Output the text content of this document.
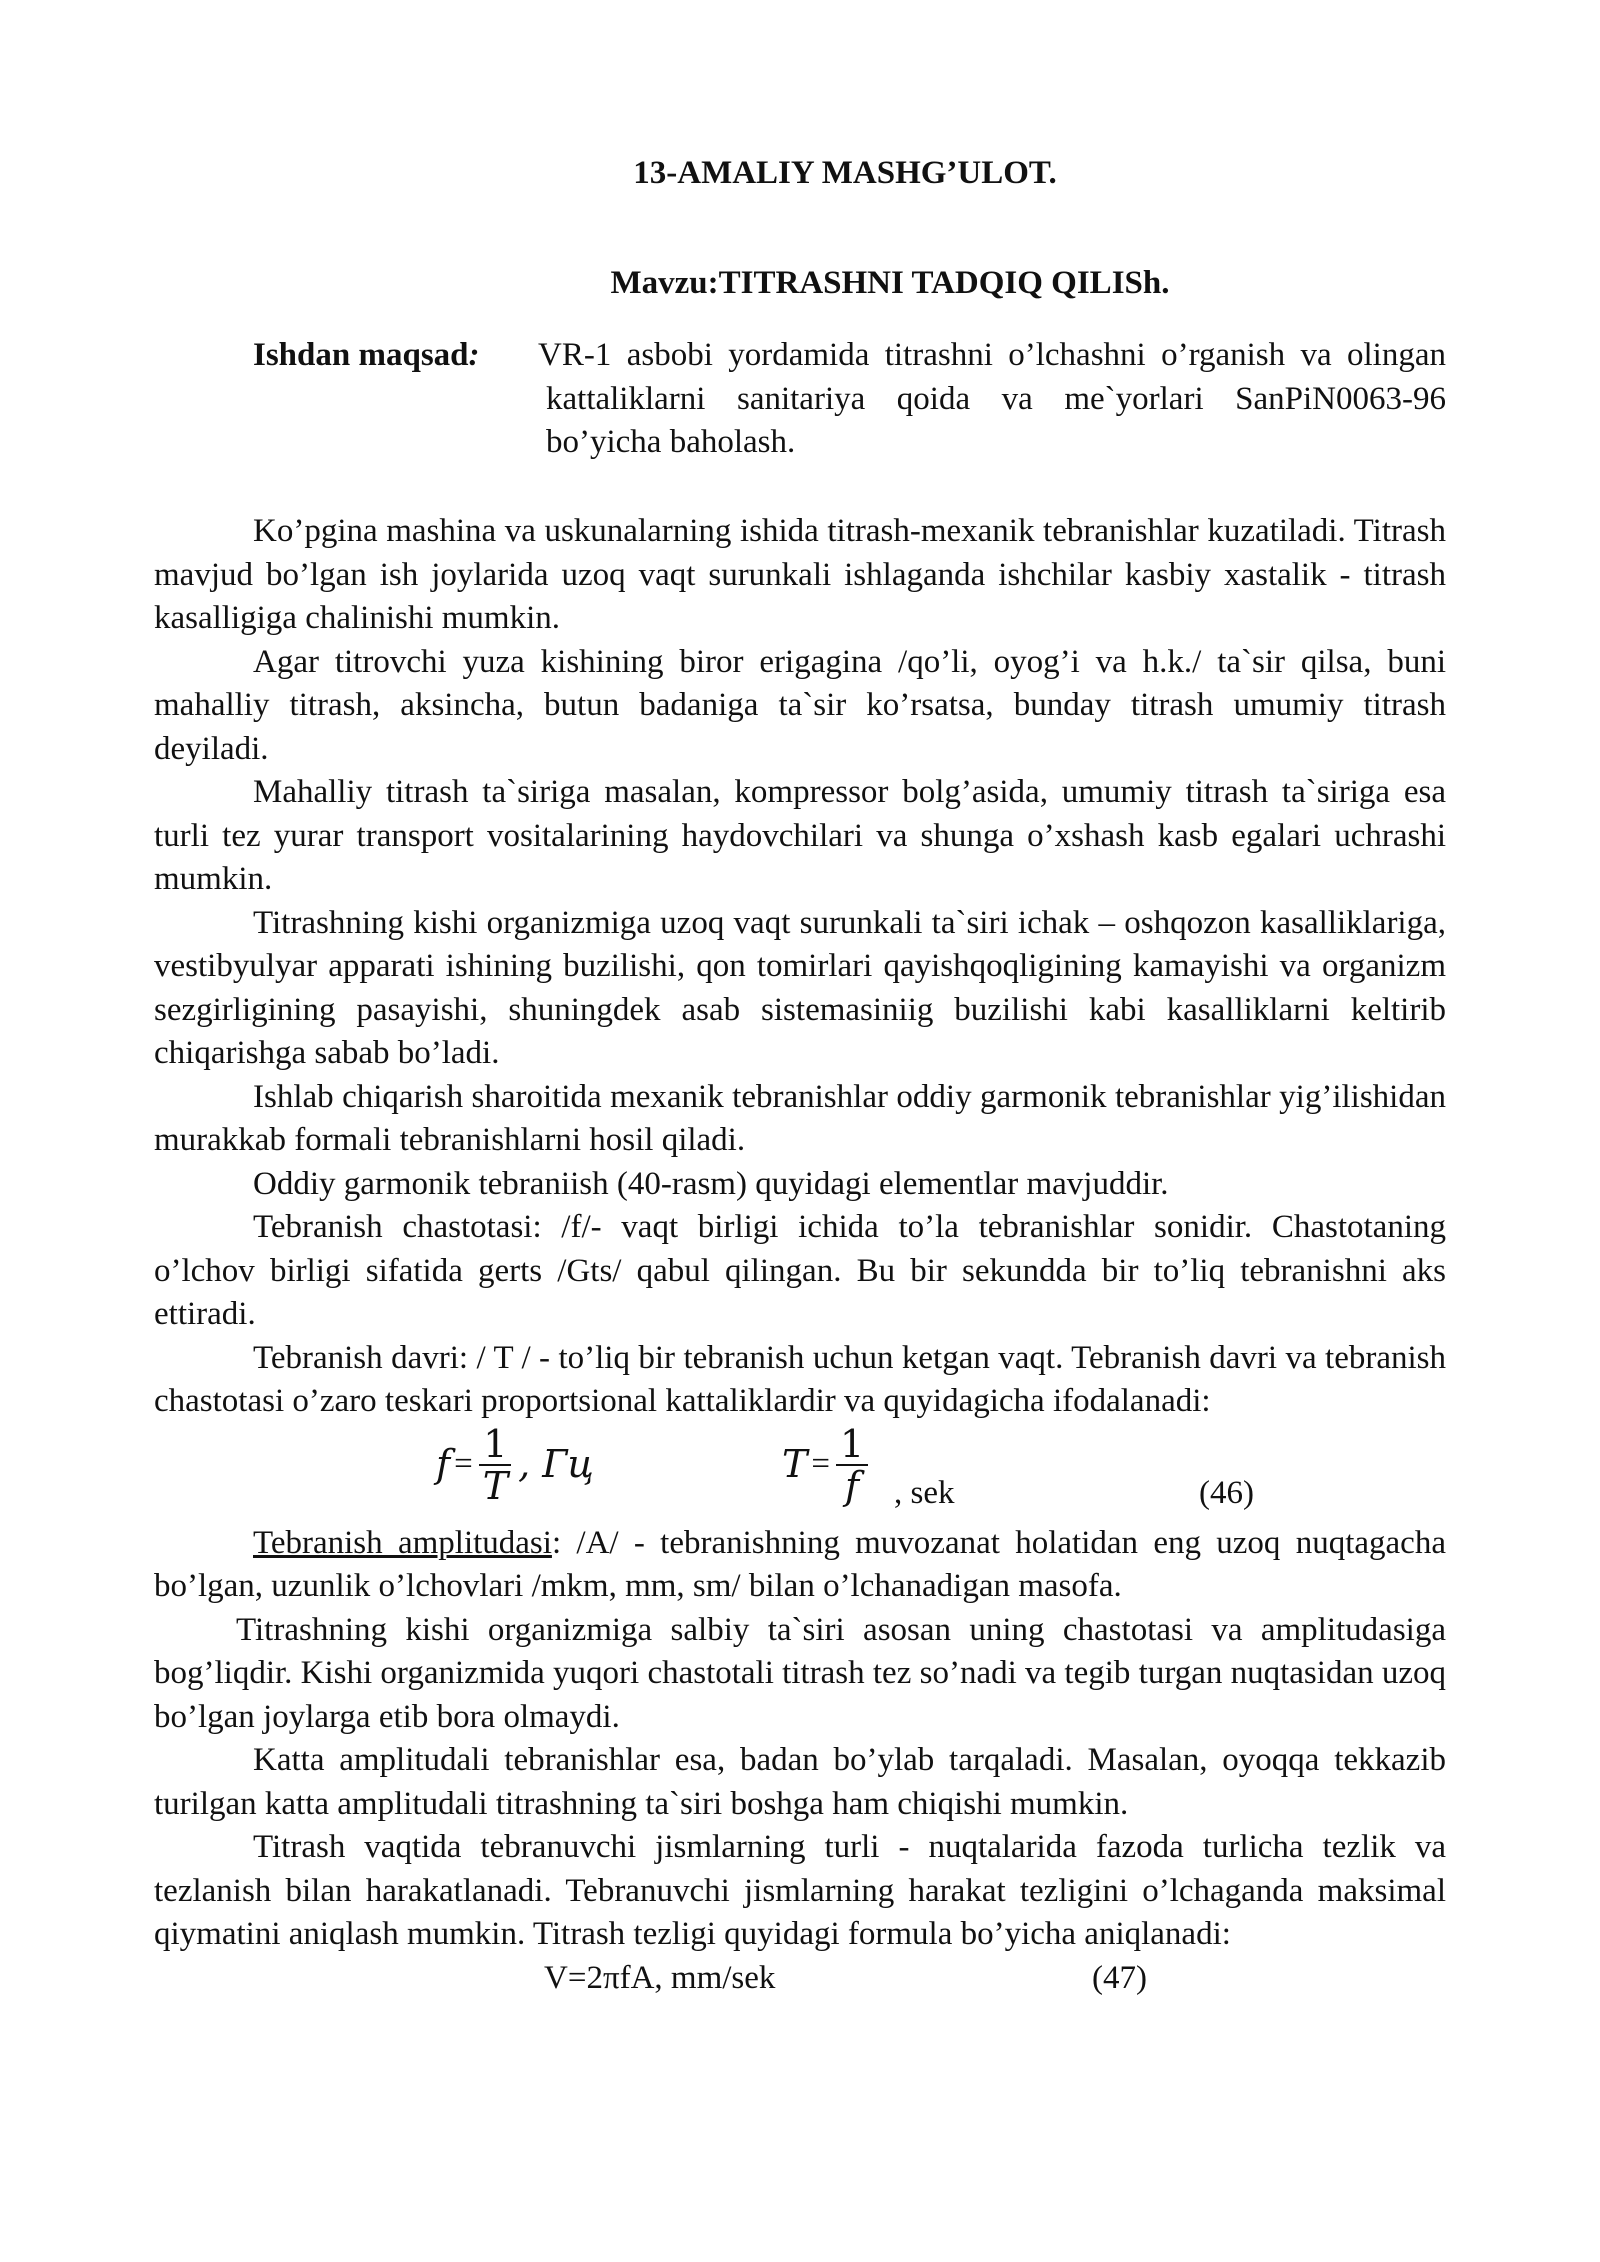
13-AMALIY MASHG’ULOT.

Mavzu:TITRASHNI TADQIQ QILISh.

Ishdan maqsad: VR-1 asbobi yordamida titrashni o’lchashni o’rganish va olingan kattaliklarni sanitariya qoida va me`yorlari SanPiN0063-96 bo’yicha baholash.

Ko’pgina mashina va uskunalarning ishida titrash-mexanik tebranishlar kuzatiladi. Titrash mavjud bo’lgan ish joylarida uzoq vaqt surunkali ishlaganda ishchilar kasbiy xastalik - titrash kasalligiga chalinishi mumkin.

Agar titrovchi yuza kishining biror erigagina /qo’li, oyog’i va h.k./ ta`sir qilsa, buni mahalliy titrash, aksincha, butun badaniga ta`sir ko’rsatsa, bunday titrash umumiy titrash deyiladi.

Mahalliy titrash ta`siriga masalan, kompressor bolg’asida, umumiy titrash ta`siriga esa turli tez yurar transport vositalarining haydovchilari va shunga o’xshash kasb egalari uchrashi mumkin.

Titrashning kishi organizmiga uzoq vaqt surunkali ta`siri ichak – oshqozon kasalliklariga, vestibyulyar apparati ishining buzilishi, qon tomirlari qayishqoqligining kamayishi va organizm sezgirligining pasayishi, shuningdek asab sistemasiniig buzilishi kabi kasalliklarni keltirib chiqarishga sabab bo’ladi.

Ishlab chiqarish sharoitida mexanik tebranishlar oddiy garmonik tebranishlar yig’ilishidan murakkab formali tebranishlarni hosil qiladi.

Oddiy garmonik tebraniish (40-rasm) quyidagi elementlar mavjuddir.

Tebranish chastotasi: /f/- vaqt birligi ichida to’la tebranishlar sonidir. Chastotaning o’lchov birligi sifatida gerts /Gts/ qabul qilingan. Bu bir sekundda bir to’liq tebranishni aks ettiradi.

Tebranish davri: / T / - to’liq bir tebranish uchun ketgan vaqt. Tebranish davri va tebranish chastotasi o’zaro teskari proportsional kattaliklardir va quyidagicha ifodalanadi:

$f = \frac{1}{T}$ , Гц	$T = \frac{1}{f}$ , sek	(46)

Tebranish amplitudasi: /A/ - tebranishning muvozanat holatidan eng uzoq nuqtagacha bo’lgan, uzunlik o’lchovlari /mkm, mm, sm/ bilan o’lchanadigan masofa.

Titrashning kishi organizmiga salbiy ta`siri asosan uning chastotasi va amplitudasiga bog’liqdir. Kishi organizmida yuqori chastotali titrash tez so’nadi va tegib turgan nuqtasidan uzoq bo’lgan joylarga etib bora olmaydi.

Katta amplitudali tebranishlar esa, badan bo’ylab tarqaladi. Masalan, oyoqqa tekkazib turilgan katta amplitudali titrashning ta`siri boshga ham chiqishi mumkin.

Titrash vaqtida tebranuvchi jismlarning turli - nuqtalarida fazoda turlicha tezlik va tezlanish bilan harakatlanadi. Tebranuvchi jismlarning harakat tezligini o’lchaganda maksimal qiymatini aniqlash mumkin. Titrash tezligi quyidagi formula bo’yicha aniqlanadi:

V=2πfA, mm/sek	(47)
